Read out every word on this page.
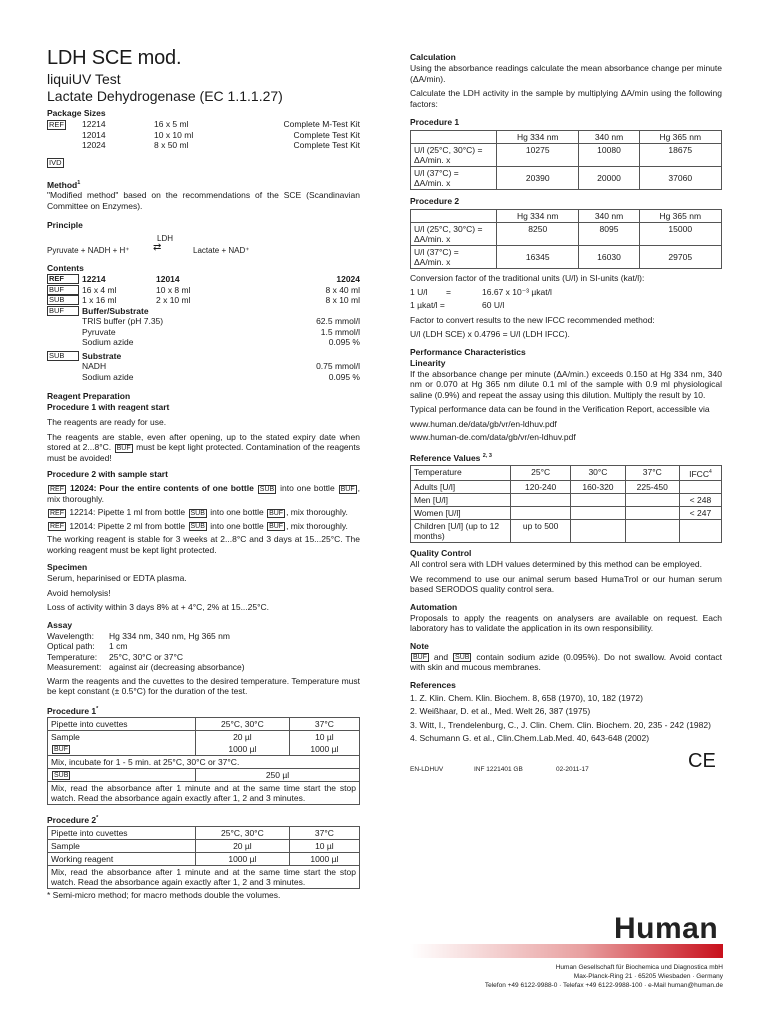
LDH SCE mod.
liquiUV Test
Lactate Dehydrogenase (EC 1.1.1.27)
Package Sizes
REF	12214	16 x 5 ml	Complete M-Test Kit
12014	10 x 10 ml	Complete Test Kit
12024	8 x 50 ml	Complete Test Kit
IVD
Method$^1$
"Modified method" based on the recommendations of the SCE (Scandinavian Committee on Enzymes).
Principle
LDH
Pyruvate + NADH + H⁺ ⇄	Lactate + NAD⁺
Contents
REF	12214	12014	12024
BUF	16 x 4 ml	10 x 8 ml	8 x 40 ml
SUB	1 x 16 ml	2 x 10 ml	8 x 10 ml
BUF	Buffer/Substrate
TRIS buffer (pH 7.35)	62.5 mmol/l
Pyruvate	1.5 mmol/l
Sodium azide	0.095 %
SUB	Substrate
NADH	0.75 mmol/l
Sodium azide	0.095 %
Reagent Preparation
Procedure 1 with reagent start
The reagents are ready for use.
The reagents are stable, even after opening, up to the stated expiry date when stored at 2...8°C. BUF must be kept light protected. Contamination of the reagents must be avoided!
Procedure 2 with sample start
REF 12024: Pour the entire contents of one bottle SUB into one bottle BUF , mix thoroughly.
REF 12214: Pipette 1 ml from bottle SUB into one bottle BUF , mix thoroughly.
REF 12014: Pipette 2 ml from bottle SUB into one bottle BUF , mix thoroughly.
The working reagent is stable for 3 weeks at 2...8°C and 3 days at 15...25°C. The working reagent must be kept light protected.
Specimen
Serum, heparinised or EDTA plasma.
Avoid hemolysis!
Loss of activity within 3 days 8% at + 4°C, 2% at 15...25°C.
Assay
Wavelength:	Hg 334 nm, 340 nm, Hg 365 nm
Optical path:	1 cm
Temperature:	25°C, 30°C or 37°C
Measurement: against air (decreasing absorbance)
Warm the reagents and the cuvettes to the desired temperature. Temperature must be kept constant (± 0.5°C) for the duration of the test.
Procedure 1*
Pipette into cuvettes	25°C, 30°C	37°C
Sample	20 µl	10 µl
BUF	1000 µl	1000 µl
Mix, incubate for 1 - 5 min. at 25°C, 30°C or 37°C.		
SUB	250 µl	
Mix, read the absorbance after 1 minute and at the same time start the stop watch. Read the absorbance again exactly after 1, 2 and 3 minutes.		
Procedure 2*
Pipette into cuvettes	25°C, 30°C	37°C
Sample	20 µl	10 µl
Working reagent	1000 µl	1000 µl
Mix, read the absorbance after 1 minute and at the same time start the stop watch. Read the absorbance again exactly after 1, 2 and 3 minutes.		
* Semi-micro method; for macro methods double the volumes.
Calculation
Using the absorbance readings calculate the mean absorbance change per minute (ΔA/min).
Calculate the LDH activity in the sample by multiplying ΔA/min using the following factors:
Procedure 1
	Hg 334 nm	340 nm	Hg 365 nm

U/l (25°C, 30°C) =
ΔA/min. x	10275	10080	18675

U/l (37°C) =
ΔA/min. x	20390	20000	37060
Procedure 2
	Hg 334 nm	340 nm	Hg 365 nm

U/l (25°C, 30°C) =
ΔA/min. x	8250	8095	15000

U/l (37°C) =
ΔA/min. x	16345	16030	29705
Conversion factor of the traditional units (U/l) in SI-units (kat/l):
1 U/l	=	16.67 x 10⁻³ µkat/l
1 µkat/l =	60 U/l
Factor to convert results to the new IFCC recommended method:
U/l (LDH SCE) x 0.4796 = U/l (LDH IFCC).
Performance Characteristics
Linearity
If the absorbance change per minute (ΔA/min.) exceeds 0.150 at Hg 334 nm, 340 nm or 0.070 at Hg 365 nm dilute 0.1 ml of the sample with 0.9 ml physiological saline (0.9%) and repeat the assay using this dilution. Multiply the result by 10.
Typical performance data can be found in the Verification Report, accessible via
www.human.de/data/gb/vr/en-ldhuv.pdf
www.human-de.com/data/gb/vr/en-ldhuv.pdf
Reference Values $^{2, 3}$
Temperature	25°C	30°C	37°C	IFCC$^4$
Adults [U/l]	120-240	160-320	225-450	
Men [U/l]				< 248
Women [U/l]				< 247
Children [U/l] (up to 12 months)	up to 500			
Quality Control
All control sera with LDH values determined by this method can be employed.
We recommend to use our animal serum based HumaTrol or our human serum based SERODOS quality control sera.
Automation
Proposals to apply the reagents on analysers are available on request. Each laboratory has to validate the application in its own responsibility.
Note
BUF and SUB contain sodium azide (0.095%). Do not swallow. Avoid contact with skin and mucous membranes.
References
1. Z. Klin. Chem. Klin. Biochem. 8, 658 (1970), 10, 182 (1972)
2. Weißhaar, D. et al., Med. Welt 26, 387 (1975)
3. Witt, I., Trendelenburg, C., J. Clin. Chem. Clin. Biochem. 20, 235 - 242 (1982)
4. Schumann G. et al., Clin.Chem.Lab.Med. 40, 643-648 (2002)
EN-LDHUV	INF 1221401 GB	02-2011-17	CE
Human
Human Gesellschaft für Biochemica und Diagnostica mbH
Max-Planck-Ring 21 · 65205 Wiesbaden · Germany
Telefon +49 6122-9988-0 · Telefax +49 6122-9988-100 · e-Mail human@human.de
